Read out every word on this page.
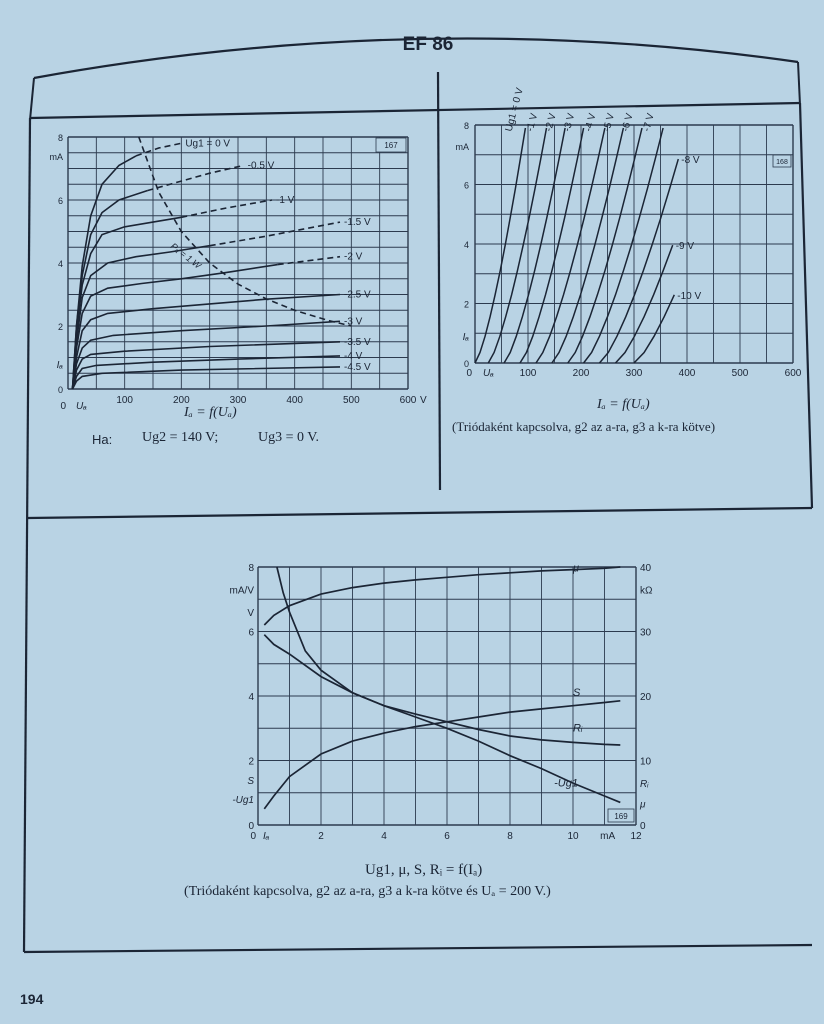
EF 86
194
167
100	200	300	400	500	600
0
V
Uₐ
0
2
4
6
8
mA
Iₐ
Ug1 = 0 V
-0.5 V
-1 V
-1.5 V
-2 V
-2.5 V
-3 V
-3.5 V
-4 V
-4.5 V
Pₐ = 1 W
168
100	200	300	400	500	600
0 Uₐ
0
2
4
6
8
mA
Iₐ
Ug1 = 0 V
-1 V -2 V -3 V -4 V -5 V -6 V -7 V
-8 V
-9 V
-10 V
169
2	4	6	8	10	12
0 Iₐ	mA
0
2
4
6
8
0
10
20
30
40
mA/V
V
S
-Ug1
kΩ
Rᵢ
μ
μ
S
Rᵢ
-Ug1
Iₐ = f(Uₐ)
Ha: Ug2 = 140 V;	Ug3 = 0 V.
Iₐ = f(Uₐ)
(Triódaként kapcsolva, g2 az a-ra, g3 a k-ra kötve)
Ug1, μ, S, Rᵢ = f(Iₐ)
(Triódaként kapcsolva, g2 az a-ra, g3 a k-ra kötve és Uₐ = 200 V.)
